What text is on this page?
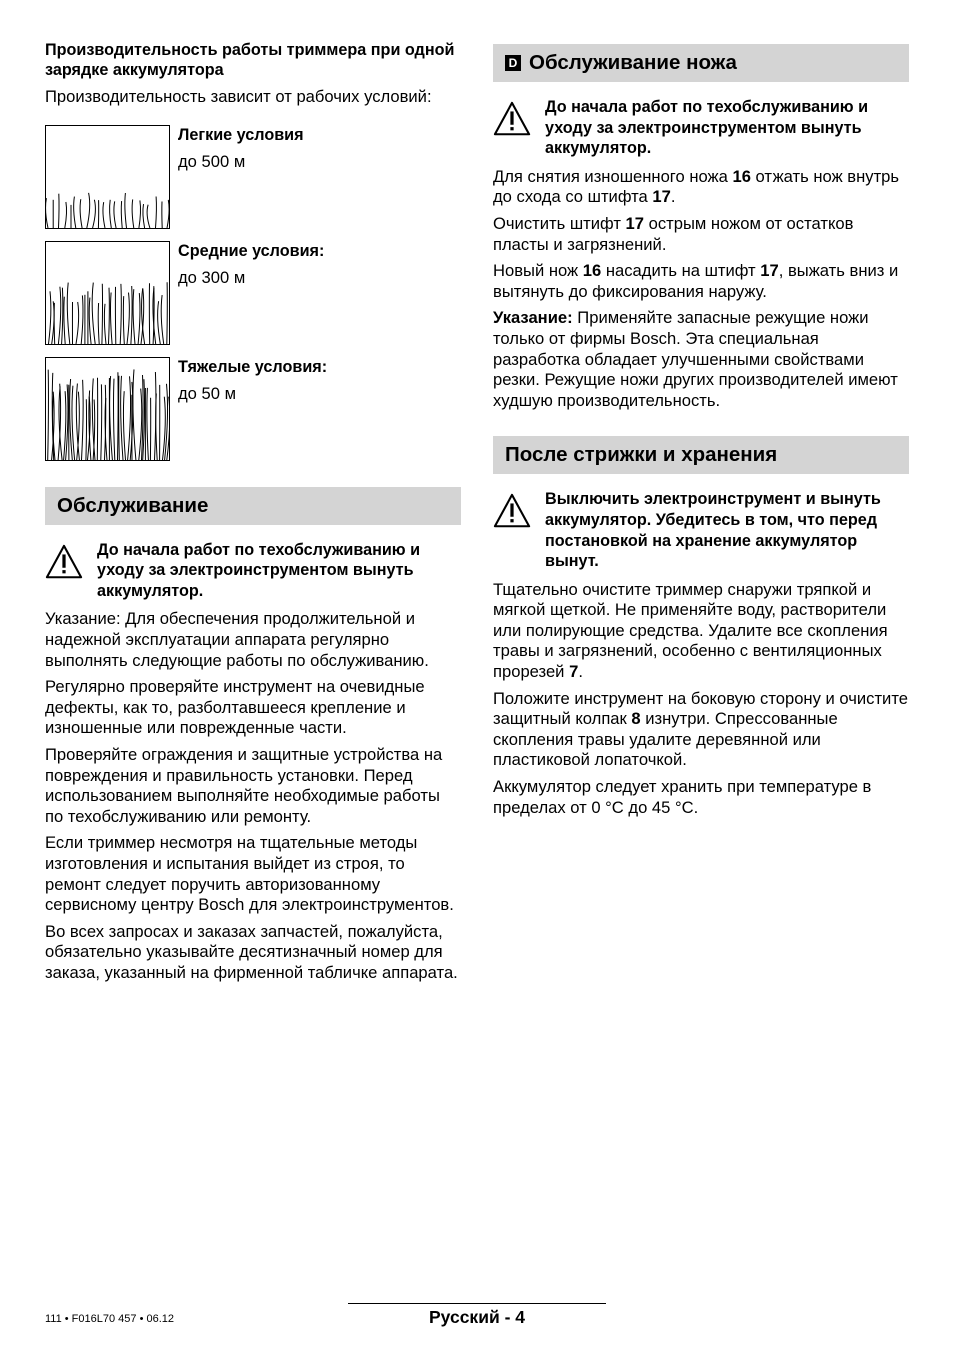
Производительность работы триммера при одной зарядке аккумулятора

Производительность зависит от рабочих условий:

Легкие условия

до 500 м

Средние условия:

до 300 м

Тяжелые условия:

до 50 м

Обслуживание
До начала работ по техобслуживанию и уходу за электроинструментом вынуть аккумулятор.

Указание: Для обеспечения продолжительной и надежной эксплуатации аппарата регулярно выполнять следующие работы по обслуживанию.

Регулярно проверяйте инструмент на очевидные дефекты, как то, разболтавшееся крепление и изношенные или поврежденные части.

Проверяйте ограждения и защитные устройства на повреждения и правильность установки. Перед использованием выполняйте необходимые работы по техобслуживанию или ремонту.

Если триммер несмотря на тщательные методы изготовления и испытания выйдет из строя, то ремонт следует поручить авторизованному сервисному центру Bosch для электроинструментов.

Во всех запросах и заказах запчастей, пожалуйста, обязательно указывайте десятизначный номер для заказа, указанный на фирменной табличке аппарата.

D Обслуживание ножа
До начала работ по техобслуживанию и уходу за электроинструментом вынуть аккумулятор.

Для снятия изношенного ножа 16 отжать нож внутрь до схода со штифта 17.

Очистить штифт 17 острым ножом от остатков пласты и загрязнений.

Новый нож 16 насадить на штифт 17, выжать вниз и вытянуть до фиксирования наружу.

Указание: Применяйте запасные режущие ножи только от фирмы Bosch. Эта специальная разработка обладает улучшенными свойствами резки. Режущие ножи других производителей имеют худшую производительность.

После стрижки и хранения
Выключить электроинструмент и вынуть аккумулятор. Убедитесь в том, что перед постановкой на хранение аккумулятор вынут.

Тщательно очистите триммер снаружи тряпкой и мягкой щеткой. Не применяйте воду, растворители или полирующие средства. Удалите все скопления травы и загрязнений, особенно с вентиляционных прорезей 7.

Положите инструмент на боковую сторону и очистите защитный колпак 8 изнутри. Спрессованные скопления травы удалите деревянной или пластиковой лопаточкой.

Аккумулятор следует хранить при температуре в пределах от 0 °C до 45 °C.

111 • F016L70 457 • 06.12	Русский - 4
